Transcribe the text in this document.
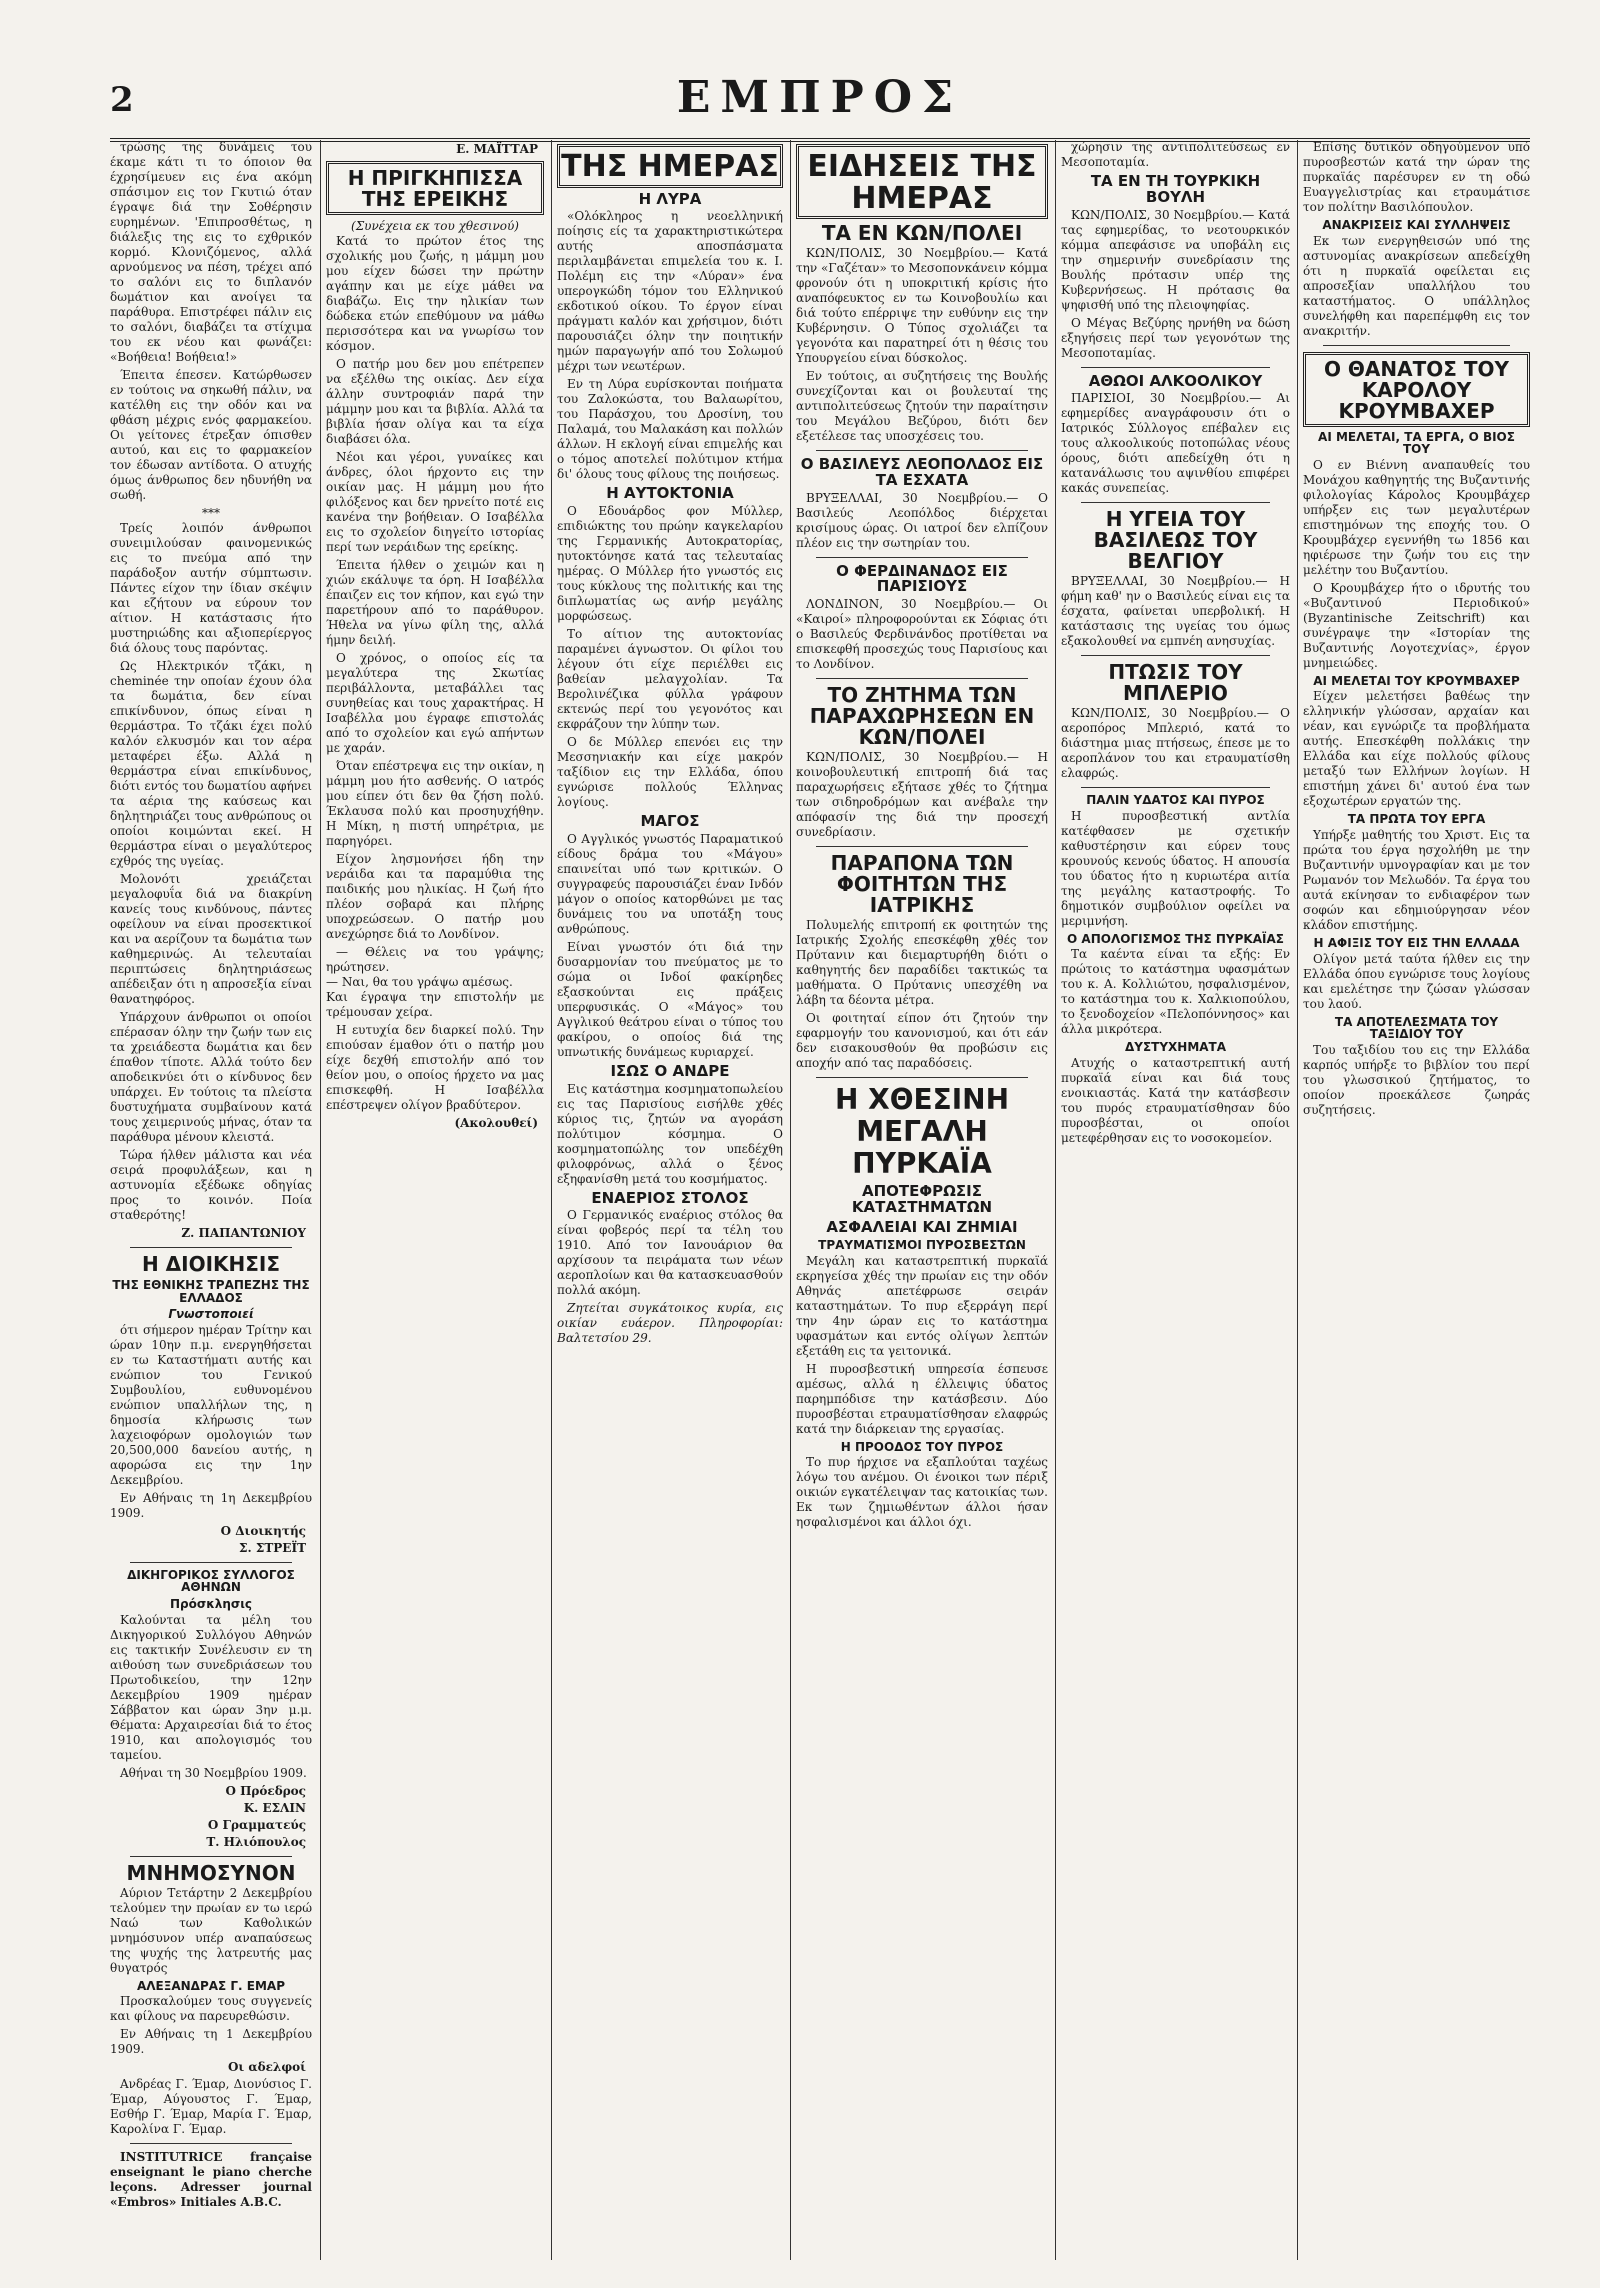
2	ΕΜΠΡΟΣ

τρώσης της δυνάμεις του έκαμε κάτι τι το όποιον θα έχρησίμευεν εις ένα ακόμη σπάσιμον εις τον Γκυτιώ όταν έγραψε διά την Σοθέρησιν ευρημένων. 'Επιπροσθέτως, η διάλεξις της εις το εχθρικόν κορμό. Κλονιζόμενος, αλλά αρνούμενος να πέση, τρέχει από το σαλόνι εις το διπλανόν δωμάτιον και ανοίγει τα παράθυρα. Επιστρέφει πάλιν εις το σαλόνι, διαβάζει τα στίχιμα του εκ νέου και φωνάζει: «Βοήθεια! Βοήθεια!»

Έπειτα έπεσεν. Κατώρθωσεν εν τούτοις να σηκωθή πάλιν, να κατέλθη εις την οδόν και να φθάση μέχρις ενός φαρμακείου. Οι γείτονες έτρεξαν όπισθεν αυτού, και εις το φαρμακείον τον έδωσαν αντίδοτα. Ο ατυχής όμως άνθρωπος δεν ηδυνήθη να σωθή.

***

Τρείς λοιπόν άνθρωποι συνειμιλούσαν φαινομενικώς εις το πνεύμα από την παράδοξον αυτήν σύμπτωσιν. Πάντες είχον την ίδιαν σκέψιν και εζήτουν να εύρουν τον αίτιον. Η κατάστασις ήτο μυστηριώδης και αξιοπερίεργος διά όλους τους παρόντας.

Ως Ηλεκτρικόν τζάκι, η cheminée την οποίαν έχουν όλα τα δωμάτια, δεν είναι επικίνδυνον, όπως είναι η θερμάστρα. Το τζάκι έχει πολύ καλόν ελκυσμόν και τον αέρα μεταφέρει έξω. Αλλά η θερμάστρα είναι επικίνδυνος, διότι εντός του δωματίου αφήνει τα αέρια της καύσεως και δηλητηριάζει τους ανθρώπους οι οποίοι κοιμώνται εκεί. Η θερμάστρα είναι ο μεγαλύτερος εχθρός της υγείας.

Μολονότι χρειάζεται μεγαλοφυΐα διά να διακρίνη κανείς τους κινδύνους, πάντες οφείλουν να είναι προσεκτικοί και να αερίζουν τα δωμάτια των καθημερινώς. Αι τελευταίαι περιπτώσεις δηλητηριάσεως απέδειξαν ότι η απροσεξία είναι θανατηφόρος.

Υπάρχουν άνθρωποι οι οποίοι επέρασαν όλην την ζωήν των εις τα χρειάδεστα δωμάτια και δεν έπαθον τίποτε. Αλλά τούτο δεν αποδεικνύει ότι ο κίνδυνος δεν υπάρχει. Εν τούτοις τα πλείστα δυστυχήματα συμβαίνουν κατά τους χειμερινούς μήνας, όταν τα παράθυρα μένουν κλειστά.

Τώρα ήλθεν μάλιστα και νέα σειρά προφυλάξεων, και η αστυνομία εξέδωκε οδηγίας προς το κοινόν. Ποία σταθερότης!

Ζ. ΠΑΠΑΝΤΩΝΙΟΥ
Η ΔΙΟΙΚΗΣΙΣ
ΤΗΣ ΕΘΝΙΚΗΣ ΤΡΑΠΕΖΗΣ ΤΗΣ ΕΛΛΑΔΟΣ
Γνωστοποιεί

ότι σήμερον ημέραν Τρίτην και ώραν 10ην π.μ. ενεργηθήσεται εν τω Καταστήματι αυτής και ενώπιον του Γενικού Συμβουλίου, ευθυνομένου ενώπιον υπαλλήλων της, η δημοσία κλήρωσις των λαχειοφόρων ομολογιών των 20,500,000 δανείου αυτής, η αφορώσα εις την 1ην Δεκεμβρίου.

Εν Αθήναις τη 1η Δεκεμβρίου 1909.

Ο Διοικητής
Σ. ΣΤΡΕΪΤ
ΔΙΚΗΓΟΡΙΚΟΣ ΣΥΛΛΟΓΟΣ ΑΘΗΝΩΝ
Πρόσκλησις

Καλούνται τα μέλη του Δικηγορικού Συλλόγου Αθηνών εις τακτικήν Συνέλευσιν εν τη αιθούση των συνεδριάσεων του Πρωτοδικείου, την 12ην Δεκεμβρίου 1909 ημέραν Σάββατον και ώραν 3ην μ.μ. Θέματα: Αρχαιρεσίαι διά το έτος 1910, και απολογισμός του ταμείου.

Αθήναι τη 30 Νοεμβρίου 1909.

Ο Πρόεδρος
Κ. ΕΣΛΙΝ
Ο Γραμματεύς
Τ. Ηλιόπουλος
ΜΝΗΜΟΣΥΝΟΝ

Αύριον Τετάρτην 2 Δεκεμβρίου τελούμεν την πρωίαν εν τω ιερώ Ναώ των Καθολικών μνημόσυνον υπέρ αναπαύσεως της ψυχής της λατρευτής μας θυγατρός

ΑΛΕΞΑΝΔΡΑΣ Γ. ΕΜΑΡ

Προσκαλούμεν τους συγγενείς και φίλους να παρευρεθώσιν.

Εν Αθήναις τη 1 Δεκεμβρίου 1909.

Οι αδελφοί

Ανδρέας Γ. Έμαρ, Διονύσιος Γ. Έμαρ, Αύγουστος Γ. Έμαρ, Εσθήρ Γ. Έμαρ, Μαρία Γ. Έμαρ, Καρολίνα Γ. Έμαρ.

INSTITUTRICE française enseignant le piano cherche leçons. Adresser journal «Embros» Initiales A.B.C.

Ε. ΜΑΪΤΤΑΡ
Η ΠΡΙΓΚΗΠΙΣΣΑ ΤΗΣ ΕΡΕΙΚΗΣ
(Συνέχεια εκ του χθεσινού)

Κατά το πρώτον έτος της σχολικής μου ζωής, η μάμμη μου μου είχεν δώσει την πρώτην αγάπην και με είχε μάθει να διαβάζω. Εις την ηλικίαν των δώδεκα ετών επεθύμουν να μάθω περισσότερα και να γνωρίσω τον κόσμον.

Ο πατήρ μου δεν μου επέτρεπεν να εξέλθω της οικίας. Δεν είχα άλλην συντροφιάν παρά την μάμμην μου και τα βιβλία. Αλλά τα βιβλία ήσαν ολίγα και τα είχα διαβάσει όλα.

Νέοι και γέροι, γυναίκες και άνδρες, όλοι ήρχοντο εις την οικίαν μας. Η μάμμη μου ήτο φιλόξενος και δεν ηρνείτο ποτέ εις κανένα την βοήθειαν. Ο Ισαβέλλα εις το σχολείον διηγείτο ιστορίας περί των νεράιδων της ερείκης.

Έπειτα ήλθεν ο χειμών και η χιών εκάλυψε τα όρη. Η Ισαβέλλα έπαιζεν εις τον κήπον, και εγώ την παρετήρουν από το παράθυρον. Ήθελα να γίνω φίλη της, αλλά ήμην δειλή.

Ο χρόνος, ο οποίος είς τα μεγαλύτερα της Σκωτίας περιβάλλοντα, μεταβάλλει τας συνηθείας και τους χαρακτήρας. Η Ισαβέλλα μου έγραφε επιστολάς από το σχολείον και εγώ απήντων με χαράν.

Όταν επέστρεψα εις την οικίαν, η μάμμη μου ήτο ασθενής. Ο ιατρός μου είπεν ότι δεν θα ζήση πολύ. Έκλαυσα πολύ και προσηυχήθην. Η Μίκη, η πιστή υπηρέτρια, με παρηγόρει.

Είχον λησμονήσει ήδη την νεράιδα και τα παραμύθια της παιδικής μου ηλικίας. Η ζωή ήτο πλέον σοβαρά και πλήρης υποχρεώσεων. Ο πατήρ μου ανεχώρησε διά το Λονδίνον.

— Θέλεις να του γράψης; ηρώτησεν.
— Ναι, θα του γράψω αμέσως.
Και έγραψα την επιστολήν με τρέμουσαν χείρα.

Η ευτυχία δεν διαρκεί πολύ. Την επιούσαν έμαθον ότι ο πατήρ μου είχε δεχθή επιστολήν από τον θείον μου, ο οποίος ήρχετο να μας επισκεφθή. Η Ισαβέλλα επέστρεψεν ολίγον βραδύτερον.

(Ακολουθεί)
ΤΗΣ ΗΜΕΡΑΣ
Η ΛΥΡΑ

«Ολόκληρος η νεοελληνική ποίησις είς τα χαρακτηριστικώτερα αυτής αποσπάσματα περιλαμβάνεται επιμελεία του κ. Ι. Πολέμη εις την «Λύραν» ένα υπερογκώδη τόμον του Ελληνικού εκδοτικού οίκου. Το έργον είναι πράγματι καλόν και χρήσιμον, διότι παρουσιάζει όλην την ποιητικήν ημών παραγωγήν από του Σολωμού μέχρι των νεωτέρων.

Εν τη Λύρα ευρίσκονται ποιήματα του Ζαλοκώστα, του Βαλαωρίτου, του Παράσχου, του Δροσίνη, του Παλαμά, του Μαλακάση και πολλών άλλων. Η εκλογή είναι επιμελής και ο τόμος αποτελεί πολύτιμον κτήμα δι' όλους τους φίλους της ποιήσεως.

Η ΑΥΤΟΚΤΟΝΙΑ

Ο Εδουάρδος φον Μύλλερ, επιδιώκτης του πρώην καγκελαρίου της Γερμανικής Αυτοκρατορίας, ηυτοκτόνησε κατά τας τελευταίας ημέρας. Ο Μύλλερ ήτο γνωστός εις τους κύκλους της πολιτικής και της διπλωματίας ως ανήρ μεγάλης μορφώσεως.

Το αίτιον της αυτοκτονίας παραμένει άγνωστον. Οι φίλοι του λέγουν ότι είχε περιέλθει εις βαθείαν μελαγχολίαν. Τα Βερολινέζικα φύλλα γράφουν εκτενώς περί του γεγονότος και εκφράζουν την λύπην των.

Ο δε Μύλλερ επενόει εις την Μεσσηνιακήν και είχε μακρόν ταξίδιον εις την Ελλάδα, όπου εγνώρισε πολλούς Έλληνας λογίους.

ΜΑΓΟΣ

Ο Αγγλικός γνωστός Παραματικού είδους δράμα του «Μάγου» επαινείται υπό των κριτικών. Ο συγγραφεύς παρουσιάζει έναν Ινδόν μάγον ο οποίος κατορθώνει με τας δυνάμεις του να υποτάξη τους ανθρώπους.

Είναι γνωστόν ότι διά την δυσαρμονίαν του πνεύματος με το σώμα οι Ινδοί φακίρηδες εξασκούνται εις πράξεις υπερφυσικάς. Ο «Μάγος» του Αγγλικού θεάτρου είναι ο τύπος του φακίρου, ο οποίος διά της υπνωτικής δυνάμεως κυριαρχεί.

ΙΣΩΣ Ο ΑΝΔΡΕ

Εις κατάστημα κοσμηματοπωλείου εις τας Παρισίους εισήλθε χθές κύριος τις, ζητών να αγοράση πολύτιμον κόσμημα. Ο κοσμηματοπώλης τον υπεδέχθη φιλοφρόνως, αλλά ο ξένος εξηφανίσθη μετά του κοσμήματος.

ΕΝΑΕΡΙΟΣ ΣΤΟΛΟΣ

Ο Γερμανικός εναέριος στόλος θα είναι φοβερός περί τα τέλη του 1910. Από τον Ιανουάριον θα αρχίσουν τα πειράματα των νέων αεροπλοίων και θα κατασκευασθούν πολλά ακόμη.

Ζητείται συγκάτοικος κυρία, εις οικίαν ευάερον. Πληροφορίαι: Βαλτετσίου 29.

ΕΙΔΗΣΕΙΣ ΤΗΣ ΗΜΕΡΑΣ
ΤΑ ΕΝ ΚΩΝ/ΠΟΛΕΙ

ΚΩΝ/ΠΟΛΙΣ, 30 Νοεμβρίου.— Κατά την «Γαζέταν» το Μεσοπονκάνειν κόμμα φρονούν ότι η υποκριτική κρίσις ήτο αναπόφευκτος εν τω Κοινοβουλίω και διά τούτο επέρριψε την ευθύνην εις την Κυβέρνησιν. Ο Τύπος σχολιάζει τα γεγονότα και παρατηρεί ότι η θέσις του Υπουργείου είναι δύσκολος.

Εν τούτοις, αι συζητήσεις της Βουλής συνεχίζονται και οι βουλευταί της αντιπολιτεύσεως ζητούν την παραίτησιν του Μεγάλου Βεζύρου, διότι δεν εξετέλεσε τας υποσχέσεις του.

Ο ΒΑΣΙΛΕΥΣ ΛΕΟΠΟΛΔΟΣ ΕΙΣ ΤΑ ΕΣΧΑΤΑ

ΒΡΥΞΕΛΛΑΙ, 30 Νοεμβρίου.— Ο Βασιλεύς Λεοπόλδος διέρχεται κρισίμους ώρας. Οι ιατροί δεν ελπίζουν πλέον εις την σωτηρίαν του.

Ο ΦΕΡΔΙΝΑΝΔΟΣ ΕΙΣ ΠΑΡΙΣΙΟΥΣ

ΛΟΝΔΙΝΟΝ, 30 Νοεμβρίου.— Οι «Καιροί» πληροφορούνται εκ Σόφιας ότι ο Βασιλεύς Φερδινάνδος προτίθεται να επισκεφθή προσεχώς τους Παρισίους και το Λονδίνον.

ΤΟ ΖΗΤΗΜΑ ΤΩΝ ΠΑΡΑΧΩΡΗΣΕΩΝ ΕΝ ΚΩΝ/ΠΟΛΕΙ

ΚΩΝ/ΠΟΛΙΣ, 30 Νοεμβρίου.— Η κοινοβουλευτική επιτροπή διά τας παραχωρήσεις εξήτασε χθές το ζήτημα των σιδηροδρόμων και ανέβαλε την απόφασίν της διά την προσεχή συνεδρίασιν.

ΠΑΡΑΠΟΝΑ ΤΩΝ ΦΟΙΤΗΤΩΝ ΤΗΣ ΙΑΤΡΙΚΗΣ

Πολυμελής επιτροπή εκ φοιτητών της Ιατρικής Σχολής επεσκέφθη χθές τον Πρύτανιν και διεμαρτυρήθη διότι ο καθηγητής δεν παραδίδει τακτικώς τα μαθήματα. Ο Πρύτανις υπεσχέθη να λάβη τα δέοντα μέτρα.

Οι φοιτηταί είπον ότι ζητούν την εφαρμογήν του κανονισμού, και ότι εάν δεν εισακουσθούν θα προβώσιν εις αποχήν από τας παραδόσεις.

Η ΧΘΕΣΙΝΗ ΜΕΓΑΛΗ ΠΥΡΚΑΪΑ
ΑΠΟΤΕΦΡΩΣΙΣ ΚΑΤΑΣΤΗΜΑΤΩΝ
ΑΣΦΑΛΕΙΑΙ ΚΑΙ ΖΗΜΙΑΙ
ΤΡΑΥΜΑΤΙΣΜΟΙ ΠΥΡΟΣΒΕΣΤΩΝ

Μεγάλη και καταστρεπτική πυρκαϊά εκρηγείσα χθές την πρωίαν εις την οδόν Αθηνάς απετέφρωσε σειράν καταστημάτων. Το πυρ εξερράγη περί την 4ην ώραν εις το κατάστημα υφασμάτων και εντός ολίγων λεπτών εξετάθη εις τα γειτονικά.

Η πυροσβεστική υπηρεσία έσπευσε αμέσως, αλλά η έλλειψις ύδατος παρημπόδισε την κατάσβεσιν. Δύο πυροσβέσται ετραυματίσθησαν ελαφρώς κατά την διάρκειαν της εργασίας.

Η ΠΡΟΟΔΟΣ ΤΟΥ ΠΥΡΟΣ

Το πυρ ήρχισε να εξαπλούται ταχέως λόγω του ανέμου. Οι ένοικοι των πέριξ οικιών εγκατέλειψαν τας κατοικίας των. Εκ των ζημιωθέντων άλλοι ήσαν ησφαλισμένοι και άλλοι όχι.

χώρησιν της αντιπολιτεύσεως εν Μεσοποταμία.

ΤΑ ΕΝ ΤΗ ΤΟΥΡΚΙΚΗ ΒΟΥΛΗ

ΚΩΝ/ΠΟΛΙΣ, 30 Νοεμβρίου.— Κατά τας εφημερίδας, το νεοτουρκικόν κόμμα απεφάσισε να υποβάλη εις την σημερινήν συνεδρίασιν της Βουλής πρότασιν υπέρ της Κυβερνήσεως. Η πρότασις θα ψηφισθή υπό της πλειοψηφίας.

Ο Μέγας Βεζύρης ηρνήθη να δώση εξηγήσεις περί των γεγονότων της Μεσοποταμίας.

ΑΘΩΟΙ ΑΛΚΟΟΛΙΚΟΥ

ΠΑΡΙΣΙΟΙ, 30 Νοεμβρίου.— Αι εφημερίδες αναγράφουσιν ότι ο Ιατρικός Σύλλογος επέβαλεν εις τους αλκοολικούς ποτοπώλας νέους όρους, διότι απεδείχθη ότι η κατανάλωσις του αψινθίου επιφέρει κακάς συνεπείας.

Η ΥΓΕΙΑ ΤΟΥ ΒΑΣΙΛΕΩΣ ΤΟΥ ΒΕΛΓΙΟΥ

ΒΡΥΞΕΛΛΑΙ, 30 Νοεμβρίου.— Η φήμη καθ' ην ο Βασιλεύς είναι εις τα έσχατα, φαίνεται υπερβολική. Η κατάστασις της υγείας του όμως εξακολουθεί να εμπνέη ανησυχίας.

ΠΤΩΣΙΣ ΤΟΥ ΜΠΛΕΡΙΟ

ΚΩΝ/ΠΟΛΙΣ, 30 Νοεμβρίου.— Ο αεροπόρος Μπλεριό, κατά το διάστημα μιας πτήσεως, έπεσε με το αεροπλάνον του και ετραυματίσθη ελαφρώς.

ΠΑΛΙΝ ΥΔΑΤΟΣ ΚΑΙ ΠΥΡΟΣ

Η πυροσβεστική αντλία κατέφθασεν με σχετικήν καθυστέρησιν και εύρεν τους κρουνούς κενούς ύδατος. Η απουσία του ύδατος ήτο η κυριωτέρα αιτία της μεγάλης καταστροφής. Το δημοτικόν συμβούλιον οφείλει να μεριμνήση.

Ο ΑΠΟΛΟΓΙΣΜΟΣ ΤΗΣ ΠΥΡΚΑΪΑΣ

Τα καέντα είναι τα εξής: Εν πρώτοις το κατάστημα υφασμάτων του κ. Α. Κολλιώτου, ησφαλισμένον, το κατάστημα του κ. Χαλκιοπούλου, το ξενοδοχείον «Πελοπόννησος» και άλλα μικρότερα.

ΔΥΣΤΥΧΗΜΑΤΑ

Ατυχής ο καταστρεπτική αυτή πυρκαϊά είναι και διά τους ενοικιαστάς. Κατά την κατάσβεσιν του πυρός ετραυματίσθησαν δύο πυροσβέσται, οι οποίοι μετεφέρθησαν εις το νοσοκομείον.

Επίσης δυτικόν οδηγούμενον υπό πυροσβεστών κατά την ώραν της πυρκαϊάς παρέσυρεν εν τη οδώ Ευαγγελιστρίας και ετραυμάτισε τον πολίτην Βασιλόπουλον.

ΑΝΑΚΡΙΣΕΙΣ ΚΑΙ ΣΥΛΛΗΨΕΙΣ

Εκ των ενεργηθεισών υπό της αστυνομίας ανακρίσεων απεδείχθη ότι η πυρκαϊά οφείλεται εις απροσεξίαν υπαλλήλου του καταστήματος. Ο υπάλληλος συνελήφθη και παρεπέμφθη εις τον ανακριτήν.

Ο ΘΑΝΑΤΟΣ ΤΟΥ ΚΑΡΟΛΟΥ ΚΡΟΥΜΒΑΧΕΡ
ΑΙ ΜΕΛΕΤΑΙ, ΤΑ ΕΡΓΑ, Ο ΒΙΟΣ ΤΟΥ

Ο εν Βιέννη αναπαυθείς του Μονάχου καθηγητής της Βυζαντινής φιλολογίας Κάρολος Κρουμβάχερ υπήρξεν εις των μεγαλυτέρων επιστημόνων της εποχής του. Ο Κρουμβάχερ εγεννήθη τω 1856 και ηφιέρωσε την ζωήν του εις την μελέτην του Βυζαντίου.

Ο Κρουμβάχερ ήτο ο ιδρυτής του «Βυζαντινού Περιοδικού» (Byzantinische Zeitschrift) και συνέγραψε την «Ιστορίαν της Βυζαντινής Λογοτεχνίας», έργον μνημειώδες.

ΑΙ ΜΕΛΕΤΑΙ ΤΟΥ ΚΡΟΥΜΒΑΧΕΡ

Είχεν μελετήσει βαθέως την ελληνικήν γλώσσαν, αρχαίαν και νέαν, και εγνώριζε τα προβλήματα αυτής. Επεσκέφθη πολλάκις την Ελλάδα και είχε πολλούς φίλους μεταξύ των Ελλήνων λογίων. Η επιστήμη χάνει δι' αυτού ένα των εξοχωτέρων εργατών της.

ΤΑ ΠΡΩΤΑ ΤΟΥ ΕΡΓΑ

Υπήρξε μαθητής του Χριστ. Εις τα πρώτα του έργα ησχολήθη με την Βυζαντινήν υμνογραφίαν και με τον Ρωμανόν τον Μελωδόν. Τα έργα του αυτά εκίνησαν το ενδιαφέρον των σοφών και εδημιούργησαν νέον κλάδον επιστήμης.

Η ΑΦΙΞΙΣ ΤΟΥ ΕΙΣ ΤΗΝ ΕΛΛΑΔΑ

Ολίγον μετά ταύτα ήλθεν εις την Ελλάδα όπου εγνώρισε τους λογίους και εμελέτησε την ζώσαν γλώσσαν του λαού.

ΤΑ ΑΠΟΤΕΛΕΣΜΑΤΑ ΤΟΥ ΤΑΞΙΔΙΟΥ ΤΟΥ

Του ταξιδίου του εις την Ελλάδα καρπός υπήρξε το βιβλίον του περί του γλωσσικού ζητήματος, το οποίον προεκάλεσε ζωηράς συζητήσεις.
